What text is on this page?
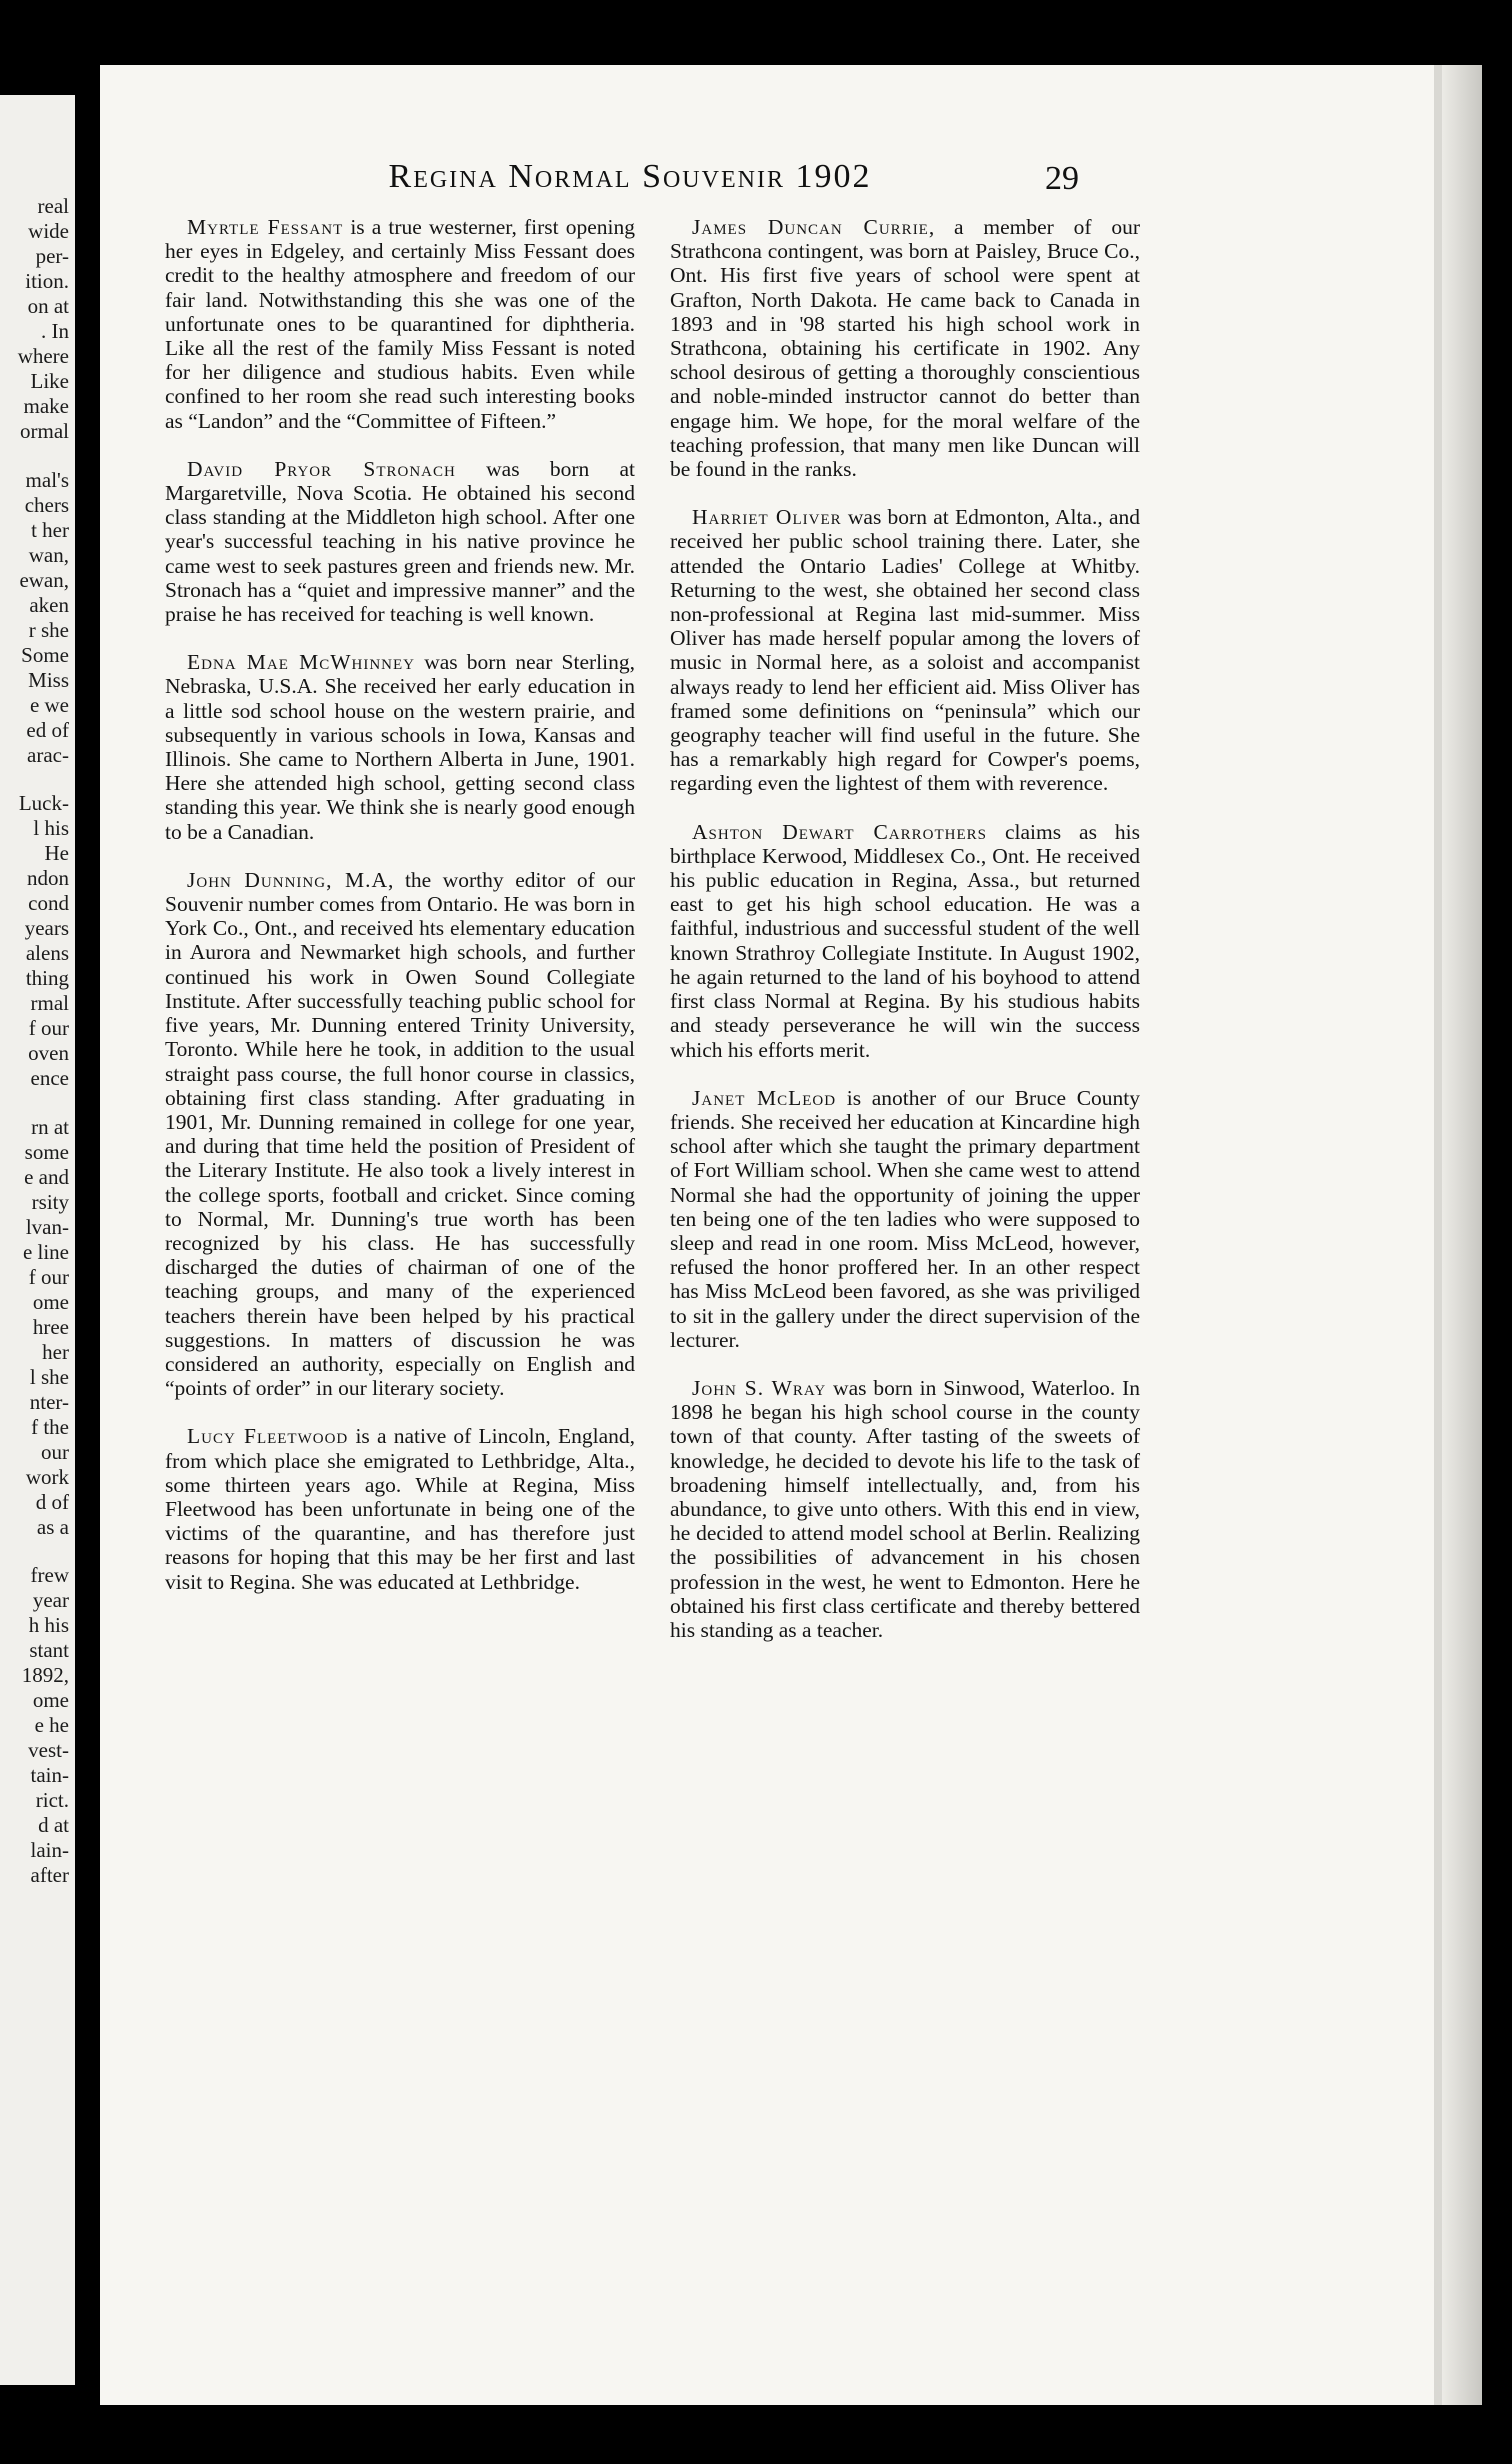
real
wide
per-
ition.
on at
. In
where
Like
make
ormal
mal's
chers
t her
wan,
ewan,
aken
r she
Some
Miss
e we
ed of
arac-
Luck-
l his
He
ndon
cond
years
alens
thing
rmal
f our
oven
ence
rn at
some
e and
rsity
lvan-
e line
f our
ome
hree
her
l she
nter-
f the
our
work
d of
as a
frew
year
h his
stant
1892,
ome
e he
vest-
tain-
rict.
d at
lain-
after
Regina Normal Souvenir 1902	29

Myrtle Fessant is a true westerner, first opening her eyes in Edgeley, and certainly Miss Fessant does credit to the healthy atmosphere and freedom of our fair land. Notwithstanding this she was one of the unfortunate ones to be quarantined for diphtheria. Like all the rest of the family Miss Fessant is noted for her diligence and studious habits. Even while confined to her room she read such interesting books as “Landon” and the “Committee of Fifteen.”

David Pryor Stronach was born at Margaretville, Nova Scotia. He obtained his second class standing at the Middleton high school. After one year's successful teaching in his native province he came west to seek pastures green and friends new. Mr. Stronach has a “quiet and impressive manner” and the praise he has received for teaching is well known.

Edna Mae McWhinney was born near Sterling, Nebraska, U.S.A. She received her early education in a little sod school house on the western prairie, and subsequently in various schools in Iowa, Kansas and Illinois. She came to Northern Alberta in June, 1901. Here she attended high school, getting second class standing this year. We think she is nearly good enough to be a Canadian.

John Dunning, M.A, the worthy editor of our Souvenir number comes from Ontario. He was born in York Co., Ont., and received hts elementary education in Aurora and Newmarket high schools, and further continued his work in Owen Sound Collegiate Institute. After successfully teaching public school for five years, Mr. Dunning entered Trinity University, Toronto. While here he took, in addition to the usual straight pass course, the full honor course in classics, obtaining first class standing. After graduating in 1901, Mr. Dunning remained in college for one year, and during that time held the position of President of the Literary Institute. He also took a lively interest in the college sports, football and cricket. Since coming to Normal, Mr. Dunning's true worth has been recognized by his class. He has successfully discharged the duties of chairman of one of the teaching groups, and many of the experienced teachers therein have been helped by his practical suggestions. In matters of discussion he was considered an authority, especially on English and “points of order” in our literary society.

Lucy Fleetwood is a native of Lincoln, England, from which place she emigrated to Lethbridge, Alta., some thirteen years ago. While at Regina, Miss Fleetwood has been unfortunate in being one of the victims of the quarantine, and has therefore just reasons for hoping that this may be her first and last visit to Regina. She was educated at Lethbridge.

James Duncan Currie, a member of our Strathcona contingent, was born at Paisley, Bruce Co., Ont. His first five years of school were spent at Grafton, North Dakota. He came back to Canada in 1893 and in '98 started his high school work in Strathcona, obtaining his certificate in 1902. Any school desirous of getting a thoroughly conscientious and noble-minded instructor cannot do better than engage him. We hope, for the moral welfare of the teaching profession, that many men like Duncan will be found in the ranks.

Harriet Oliver was born at Edmonton, Alta., and received her public school training there. Later, she attended the Ontario Ladies' College at Whitby. Returning to the west, she obtained her second class non-professional at Regina last mid-summer. Miss Oliver has made herself popular among the lovers of music in Normal here, as a soloist and accompanist always ready to lend her efficient aid. Miss Oliver has framed some definitions on “peninsula” which our geography teacher will find useful in the future. She has a remarkably high regard for Cowper's poems, regarding even the lightest of them with reverence.

Ashton Dewart Carrothers claims as his birthplace Kerwood, Middlesex Co., Ont. He received his public education in Regina, Assa., but returned east to get his high school education. He was a faithful, industrious and successful student of the well known Strathroy Collegiate Institute. In August 1902, he again returned to the land of his boyhood to attend first class Normal at Regina. By his studious habits and steady perseverance he will win the success which his efforts merit.

Janet McLeod is another of our Bruce County friends. She received her education at Kincardine high school after which she taught the primary department of Fort William school. When she came west to attend Normal she had the opportunity of joining the upper ten being one of the ten ladies who were supposed to sleep and read in one room. Miss McLeod, however, refused the honor proffered her. In an other respect has Miss McLeod been favored, as she was priviliged to sit in the gallery under the direct supervision of the lecturer.

John S. Wray was born in Sinwood, Waterloo. In 1898 he began his high school course in the county town of that county. After tasting of the sweets of knowledge, he decided to devote his life to the task of broadening himself intellectually, and, from his abundance, to give unto others. With this end in view, he decided to attend model school at Berlin. Realizing the possibilities of advancement in his chosen profession in the west, he went to Edmonton. Here he obtained his first class certificate and thereby bettered his standing as a teacher.
